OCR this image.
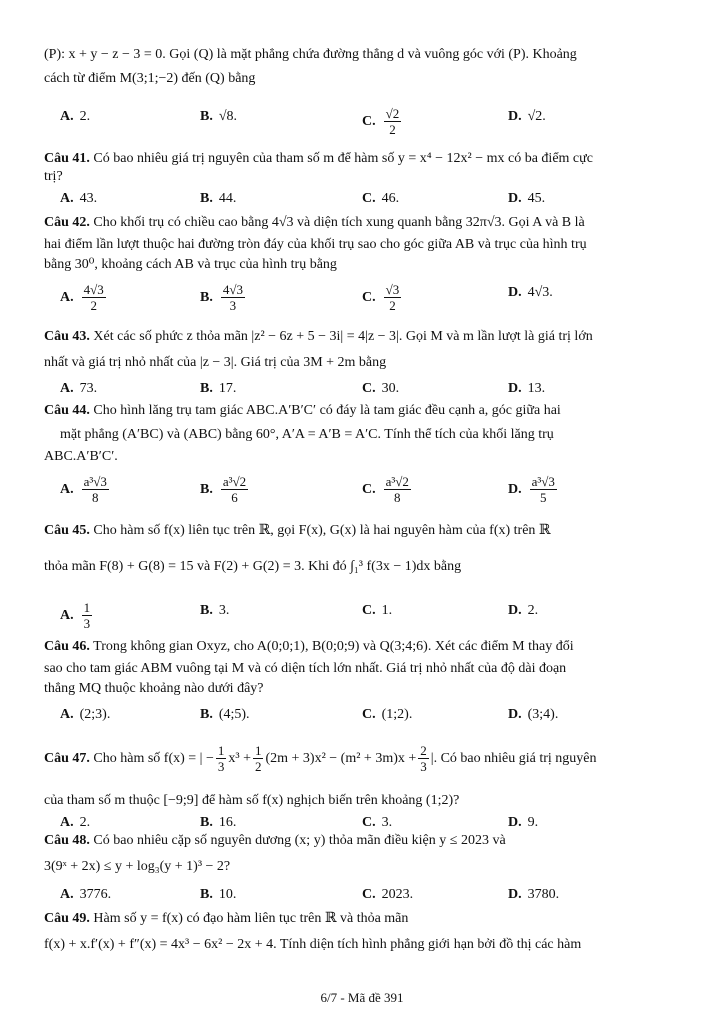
(P): x + y − z − 3 = 0. Gọi (Q) là mặt phẳng chứa đường thẳng d và vuông góc với (P). Khoảng
cách từ điểm M(3;1;−2) đến (Q) bằng
A. 2.	B. √8.	C. $\frac{√2}{2}$	D. √2.
Câu 41. Có bao nhiêu giá trị nguyên của tham số m để hàm số y = x⁴ − 12x² − mx có ba điểm cực
trị?
A. 43.	B. 44.	C. 46.	D. 45.
Câu 42. Cho khối trụ có chiều cao bằng 4√3 và diện tích xung quanh bằng 32π√3. Gọi A và B là
hai điểm lần lượt thuộc hai đường tròn đáy của khối trụ sao cho góc giữa AB và trục của hình trụ
bằng 30⁰, khoảng cách AB và trục của hình trụ bằng
A. $\frac{4√3}{2}$	B. $\frac{4√3}{3}$	C. $\frac{√3}{2}$	D. 4√3.
Câu 43. Xét các số phức z thỏa mãn |z² − 6z + 5 − 3i| = 4|z − 3|. Gọi M và m lần lượt là giá trị lớn
nhất và giá trị nhỏ nhất của |z − 3|. Giá trị của 3M + 2m bằng
A. 73.	B. 17.	C. 30.	D. 13.
Câu 44. Cho hình lăng trụ tam giác ABC.A′B′C′ có đáy là tam giác đều cạnh a, góc giữa hai
mặt phẳng (A′BC) và (ABC) bằng 60°, A′A = A′B = A′C. Tính thể tích của khối lăng trụ
ABC.A′B′C′.
A. $\frac{\text{a³√3}}{8}$	B. $\frac{\text{a³√2}}{6}$	C. $\frac{\text{a³√2}}{8}$	D. $\frac{\text{a³√3}}{5}$
Câu 45. Cho hàm số f(x) liên tục trên ℝ, gọi F(x), G(x) là hai nguyên hàm của f(x) trên ℝ
thỏa mãn F(8) + G(8) = 15 và F(2) + G(2) = 3. Khi đó ∫₁³ f(3x − 1)dx bằng
A. $\frac{1}{3}$	B. 3.	C. 1.	D. 2.
Câu 46. Trong không gian Oxyz, cho A(0;0;1), B(0;0;9) và Q(3;4;6). Xét các điểm M thay đổi
sao cho tam giác ABM vuông tại M và có diện tích lớn nhất. Giá trị nhỏ nhất của độ dài đoạn
thẳng MQ thuộc khoảng nào dưới đây?
A. (2;3).	B. (4;5).	C. (1;2).	D. (3;4).
Câu 47. Cho hàm số f(x) = | − $\frac{1}{3} x^3 + \frac{1}{2} (2m + 3)x^2 - (m^2 + 3m)x + \frac{2}{3}$ |. Có bao nhiêu giá trị nguyên
của tham số m thuộc [−9;9] để hàm số f(x) nghịch biến trên khoảng (1;2)?
A. 2.	B. 16.	C. 3.	D. 9.
Câu 48. Có bao nhiêu cặp số nguyên dương (x; y) thỏa mãn điều kiện y ≤ 2023 và
3(9ˣ + 2x) ≤ y + log₃(y + 1)³ − 2?
A. 3776.	B. 10.	C. 2023.	D. 3780.
Câu 49. Hàm số y = f(x) có đạo hàm liên tục trên ℝ và thỏa mãn
f(x) + x.f′(x) + f″(x) = 4x³ − 6x² − 2x + 4. Tính diện tích hình phẳng giới hạn bởi đồ thị các hàm
6/7 - Mã đề 391
